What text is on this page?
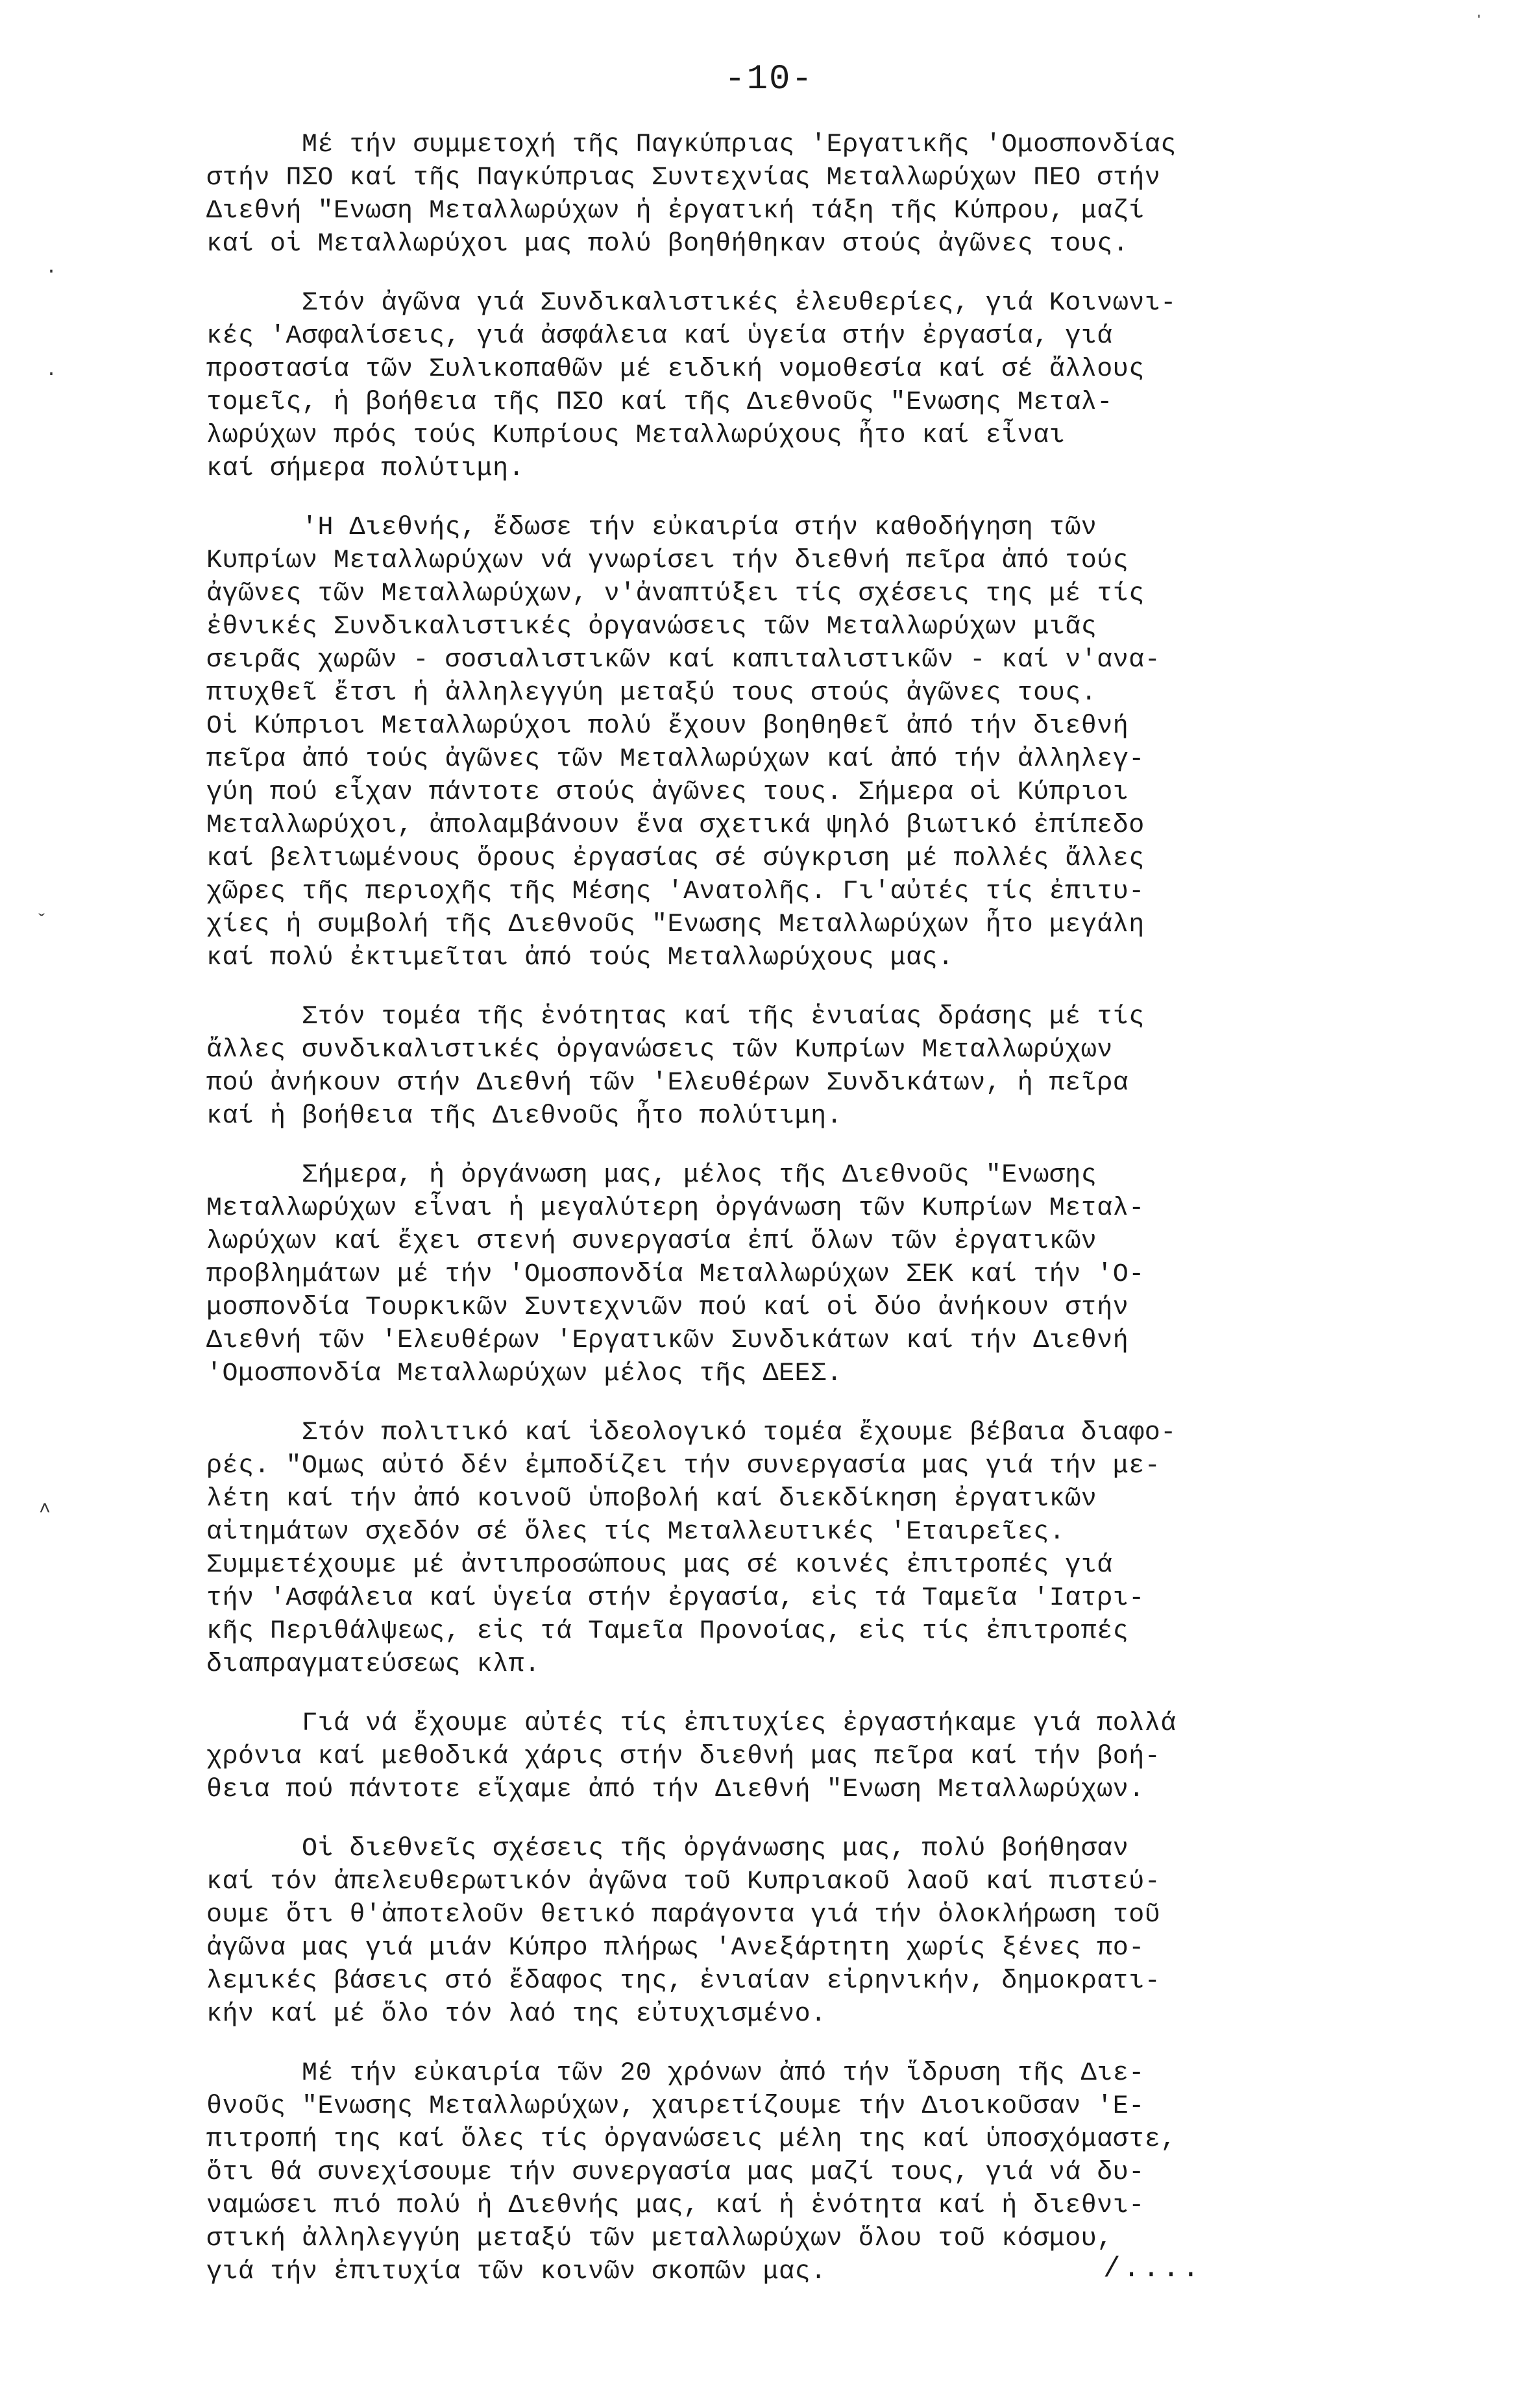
-10-

Μέ τήν συμμετοχή τῆς Παγκύπριας 'Εργατικῆς 'Ομοσπονδίας
στήν ΠΣΟ καί τῆς Παγκύπριας Συντεχνίας Μεταλλωρύχων ΠΕΟ στήν
Διεθνή "Ενωση Μεταλλωρύχων ἡ ἐργατική τάξη τῆς Κύπρου, μαζί
καί οἱ Μεταλλωρύχοι μας πολύ βοηθήθηκαν στούς ἀγῶνες τους.

Στόν ἀγῶνα γιά Συνδικαλιστικές ἐλευθερίες, γιά Κοινωνι-
κές 'Ασφαλίσεις, γιά ἀσφάλεια καί ὑγεία στήν ἐργασία, γιά
προστασία τῶν Συλικοπαθῶν μέ ειδική νομοθεσία καί σέ ἄλλους
τομεῖς, ἡ βοήθεια τῆς ΠΣΟ καί τῆς Διεθνοῦς "Ενωσης Μεταλ-
λωρύχων πρός τούς Κυπρίους Μεταλλωρύχους ἦτο καί εἶναι
καί σήμερα πολύτιμη.

'Η Διεθνής, ἔδωσε τήν εὐκαιρία στήν καθοδήγηση τῶν
Κυπρίων Μεταλλωρύχων νά γνωρίσει τήν διεθνή πεῖρα ἀπό τούς
ἀγῶνες τῶν Μεταλλωρύχων, ν'ἀναπτύξει τίς σχέσεις της μέ τίς
ἐθνικές Συνδικαλιστικές ὀργανώσεις τῶν Μεταλλωρύχων μιᾶς
σειρᾶς χωρῶν - σοσιαλιστικῶν καί καπιταλιστικῶν - καί ν'ανα-
πτυχθεῖ ἔτσι ἡ ἀλληλεγγύη μεταξύ τους στούς ἀγῶνες τους.
Οἱ Κύπριοι Μεταλλωρύχοι πολύ ἔχουν βοηθηθεῖ ἀπό τήν διεθνή
πεῖρα ἀπό τούς ἀγῶνες τῶν Μεταλλωρύχων καί ἀπό τήν ἀλληλεγ-
γύη πού εἶχαν πάντοτε στούς ἀγῶνες τους. Σήμερα οἱ Κύπριοι
Μεταλλωρύχοι, ἀπολαμβάνουν ἕνα σχετικά ψηλό βιωτικό ἐπίπεδο
καί βελτιωμένους ὅρους ἐργασίας σέ σύγκριση μέ πολλές ἄλλες
χῶρες τῆς περιοχῆς τῆς Μέσης 'Ανατολῆς. Γι'αὐτές τίς ἐπιτυ-
χίες ἡ συμβολή τῆς Διεθνοῦς "Ενωσης Μεταλλωρύχων ἦτο μεγάλη
καί πολύ ἐκτιμεῖται ἀπό τούς Μεταλλωρύχους μας.

Στόν τομέα τῆς ἑνότητας καί τῆς ἑνιαίας δράσης μέ τίς
ἄλλες συνδικαλιστικές ὀργανώσεις τῶν Κυπρίων Μεταλλωρύχων
πού ἀνήκουν στήν Διεθνή τῶν 'Ελευθέρων Συνδικάτων, ἡ πεῖρα
καί ἡ βοήθεια τῆς Διεθνοῦς ἦτο πολύτιμη.

Σήμερα, ἡ ὀργάνωση μας, μέλος τῆς Διεθνοῦς "Ενωσης
Μεταλλωρύχων εἶναι ἡ μεγαλύτερη ὀργάνωση τῶν Κυπρίων Μεταλ-
λωρύχων καί ἔχει στενή συνεργασία ἐπί ὅλων τῶν ἐργατικῶν
προβλημάτων μέ τήν 'Ομοσπονδία Μεταλλωρύχων ΣΕΚ καί τήν 'Ο-
μοσπονδία Τουρκικῶν Συντεχνιῶν πού καί οἱ δύο ἀνήκουν στήν
Διεθνή τῶν 'Ελευθέρων 'Εργατικῶν Συνδικάτων καί τήν Διεθνή
'Ομοσπονδία Μεταλλωρύχων μέλος τῆς ΔΕΕΣ.

Στόν πολιτικό καί ἰδεολογικό τομέα ἔχουμε βέβαια διαφο-
ρές. "Ομως αὐτό δέν ἐμποδίζει τήν συνεργασία μας γιά τήν με-
λέτη καί τήν ἀπό κοινοῦ ὑποβολή καί διεκδίκηση ἐργατικῶν
αἰτημάτων σχεδόν σέ ὅλες τίς Μεταλλευτικές 'Εταιρεῖες.
Συμμετέχουμε μέ ἀντιπροσώπους μας σέ κοινές ἐπιτροπές γιά
τήν 'Ασφάλεια καί ὑγεία στήν ἐργασία, εἰς τά Ταμεῖα 'Ιατρι-
κῆς Περιθάλψεως, εἰς τά Ταμεῖα Προνοίας, εἰς τίς ἐπιτροπές
διαπραγματεύσεως κλπ.

Γιά νά ἔχουμε αὐτές τίς ἐπιτυχίες ἐργαστήκαμε γιά πολλά
χρόνια καί μεθοδικά χάρις στήν διεθνή μας πεῖρα καί τήν βοή-
θεια πού πάντοτε εἴχαμε ἀπό τήν Διεθνή "Ενωση Μεταλλωρύχων.

Οἱ διεθνεῖς σχέσεις τῆς ὀργάνωσης μας, πολύ βοήθησαν
καί τόν ἀπελευθερωτικόν ἀγῶνα τοῦ Κυπριακοῦ λαοῦ καί πιστεύ-
ουμε ὅτι θ'ἀποτελοῦν θετικό παράγοντα γιά τήν ὁλοκλήρωση τοῦ
ἀγῶνα μας γιά μιάν Κύπρο πλήρως 'Ανεξάρτητη χωρίς ξένες πο-
λεμικές βάσεις στό ἔδαφος της, ἑνιαίαν εἰρηνικήν, δημοκρατι-
κήν καί μέ ὅλο τόν λαό της εὐτυχισμένο.

Μέ τήν εὐκαιρία τῶν 20 χρόνων ἀπό τήν ἵδρυση τῆς Διε-
θνοῦς "Ενωσης Μεταλλωρύχων, χαιρετίζουμε τήν Διοικοῦσαν 'Ε-
πιτροπή της καί ὅλες τίς ὀργανώσεις μέλη της καί ὑποσχόμαστε,
ὅτι θά συνεχίσουμε τήν συνεργασία μας μαζί τους, γιά νά δυ-
ναμώσει πιό πολύ ἡ Διεθνής μας, καί ἡ ἑνότητα καί ἡ διεθνι-
στική ἀλληλεγγύη μεταξύ τῶν μεταλλωρύχων ὅλου τοῦ κόσμου,
γιά τήν ἐπιτυχία τῶν κοινῶν σκοπῶν μας.	/....
·
·
ˇ
˄
ˈ
